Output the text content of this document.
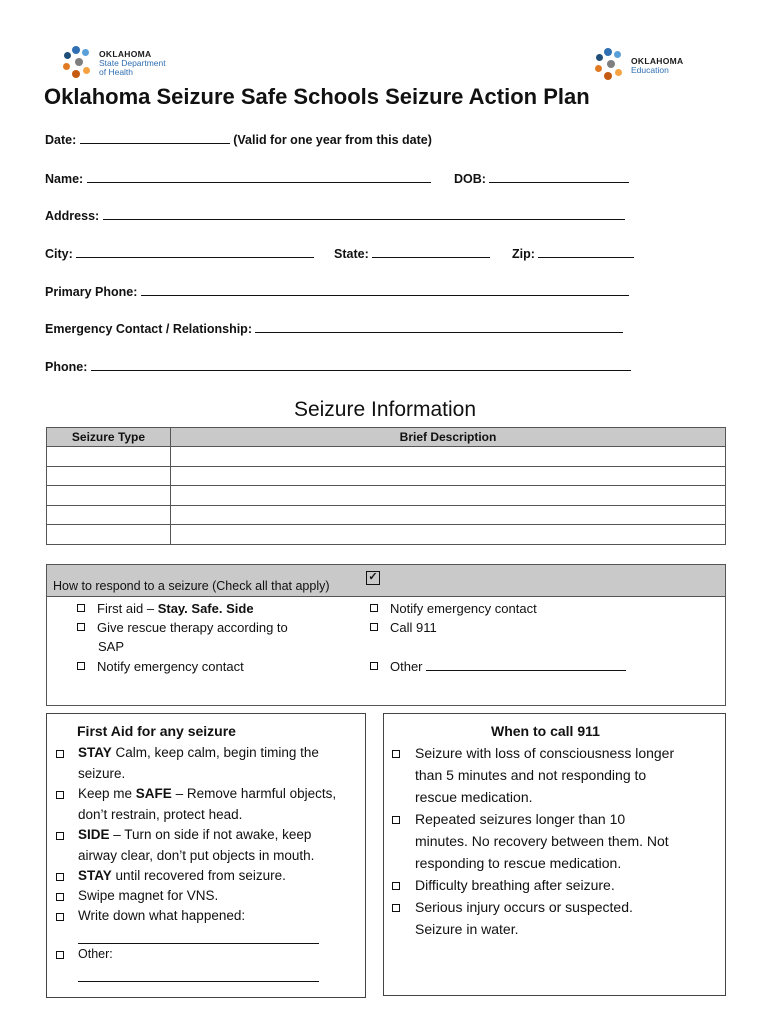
OKLAHOMA
State Department
of Health
OKLAHOMA
Education
Oklahoma Seizure Safe Schools Seizure Action Plan
Date:	(Valid for one year from this date)
Name:	DOB:
Address:
City:	State:	Zip:
Primary Phone:
Emergency Contact / Relationship:
Phone:
Seizure Information
Seizure Type	Brief Description

How to respond to a seizure (Check all that apply)
✓
First aid – Stay. Safe. Side
Give rescue therapy according to
SAP
Notify emergency contact
Notify emergency contact
Call 911
Other
First Aid for any seizure
STAY Calm, keep calm, begin timing the
seizure.
Keep me SAFE – Remove harmful objects,
don’t restrain, protect head.
SIDE – Turn on side if not awake, keep
airway clear, don’t put objects in mouth.
STAY until recovered from seizure.
Swipe magnet for VNS.
Write down what happened:
Other:
When to call 911
Seizure with loss of consciousness longer
than 5 minutes and not responding to
rescue medication.
Repeated seizures longer than 10
minutes. No recovery between them. Not
responding to rescue medication.
Difficulty breathing after seizure.
Serious injury occurs or suspected.
Seizure in water.
